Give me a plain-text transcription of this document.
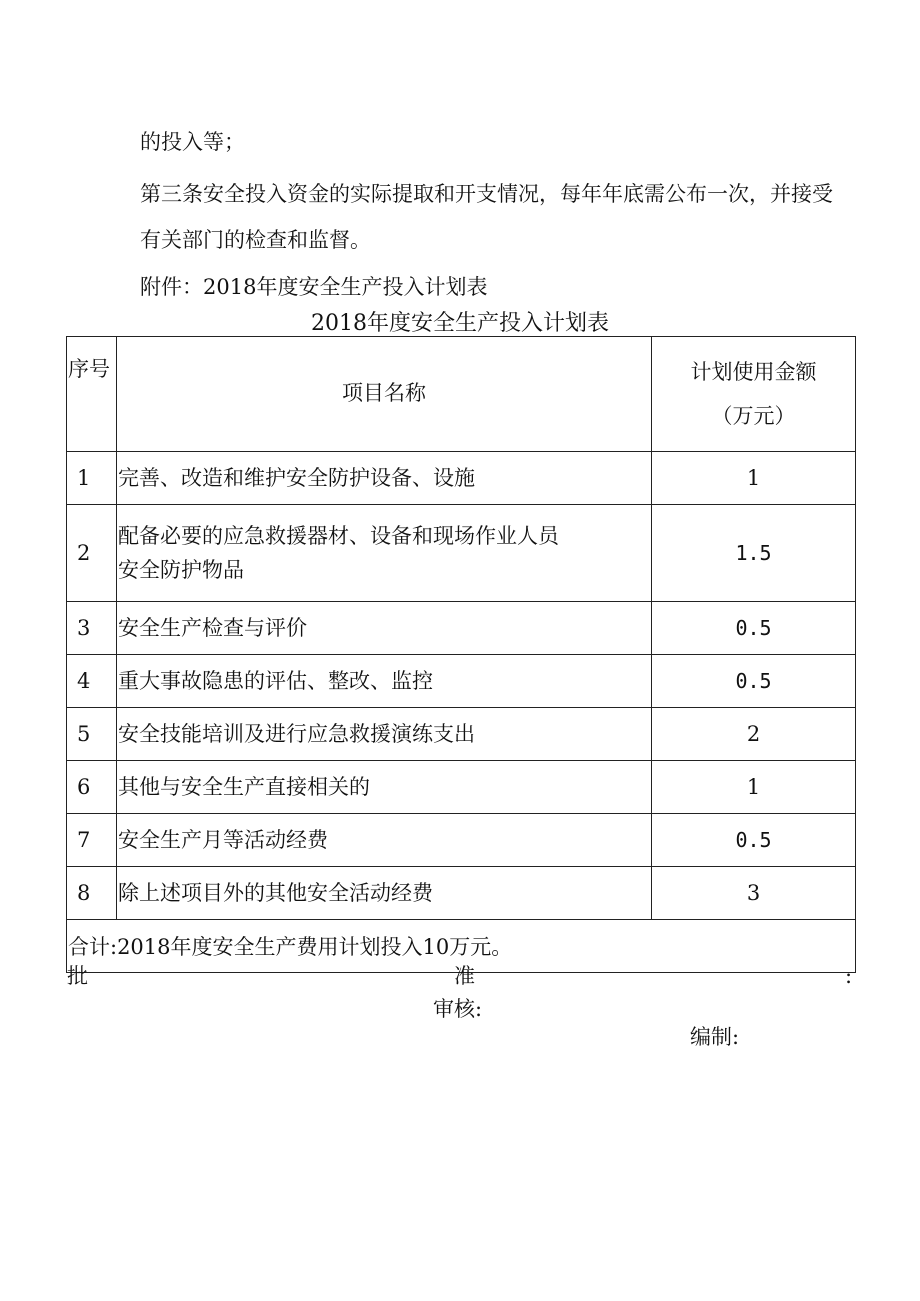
的投入等；
第三条安全投入资金的实际提取和开支情况，每年年底需公布一次，并接受
有关部门的检查和监督。
附件：2018年度安全生产投入计划表
2018年度安全生产投入计划表
序号	项目名称	计划使用金额
（万元）

1	完善、改造和维护安全防护设备、设施	1
2	配备必要的应急救援器材、设备和现场作业人员
安全防护物品	1.5
3	安全生产检查与评价	0.5
4	重大事故隐患的评估、整改、监控	0.5
5	安全技能培训及进行应急救援演练支出	2
6	其他与安全生产直接相关的	1
7	安全生产月等活动经费	0.5
8	除上述项目外的其他安全活动经费	3
合计:2018年度安全生产费用计划投入10万元。		
批	准	:
审核:
编制:
